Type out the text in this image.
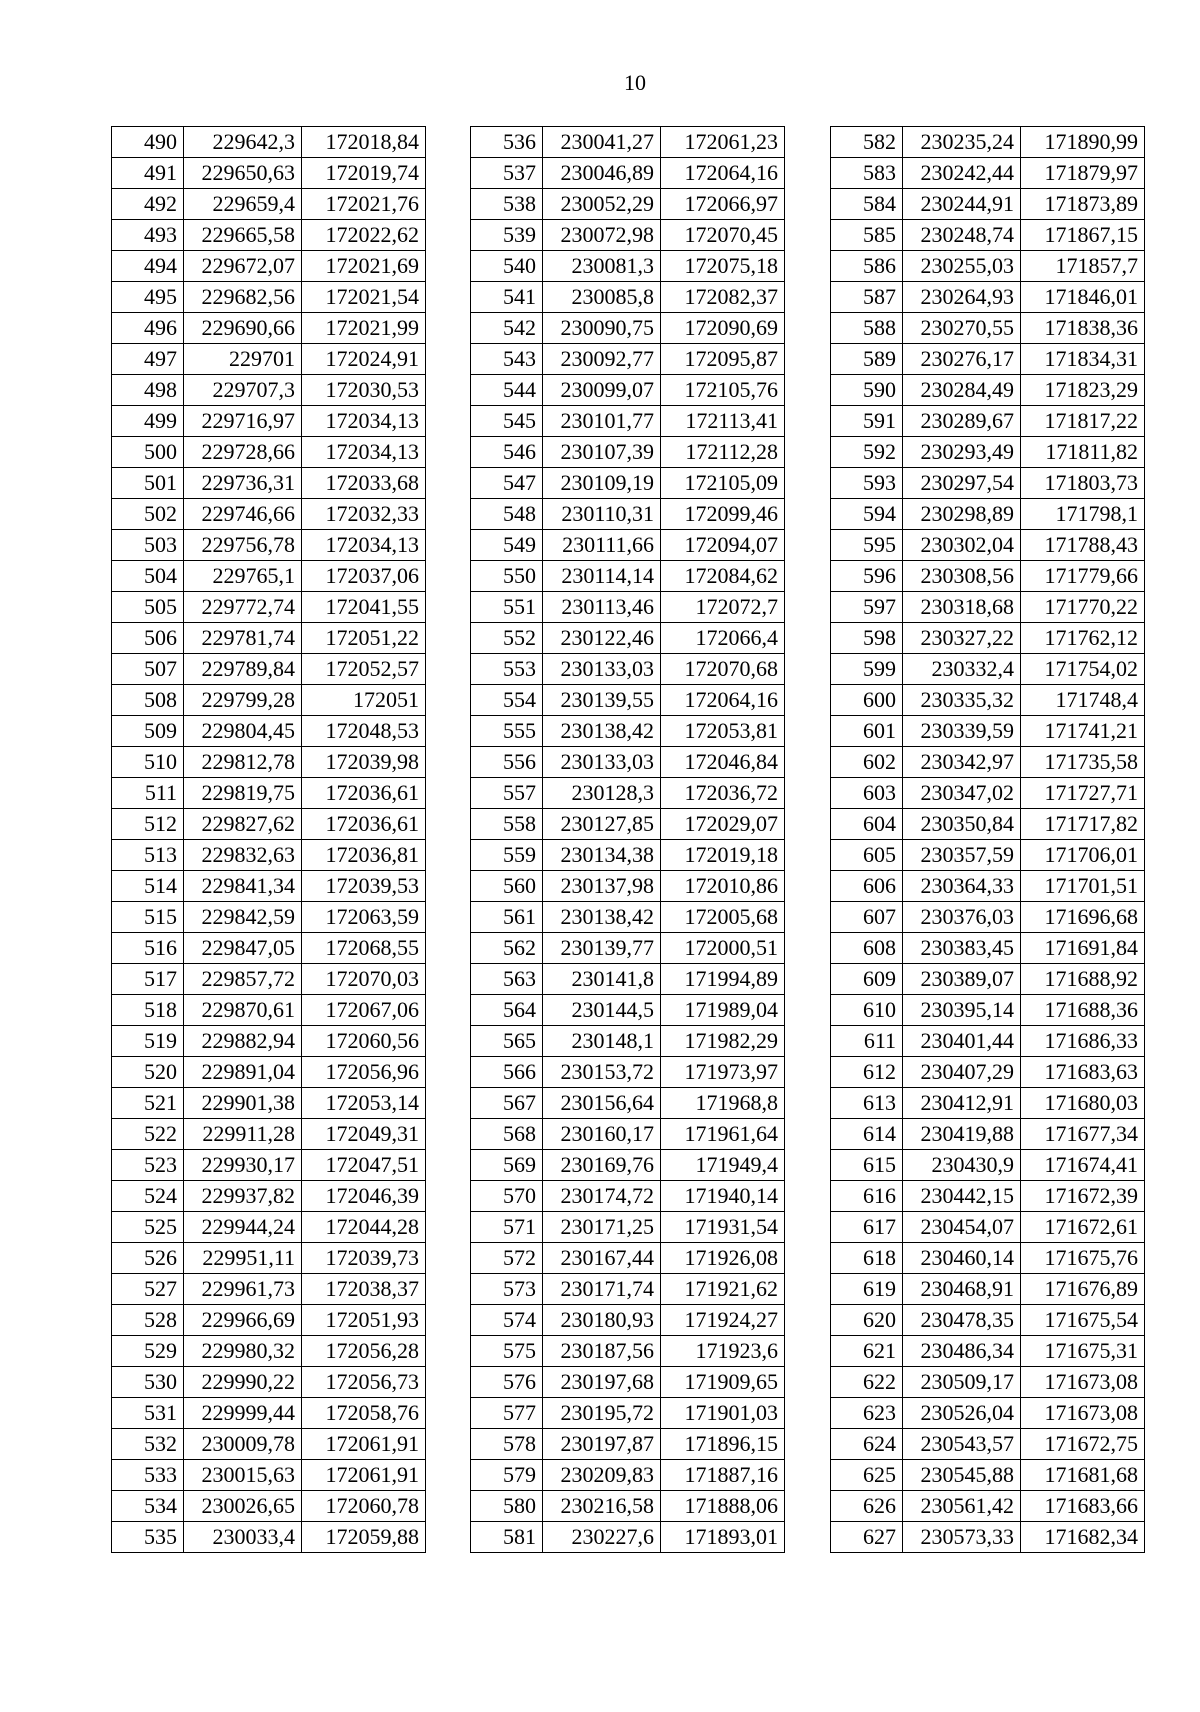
10
490	229642,3	172018,84
491	229650,63	172019,74
492	229659,4	172021,76
493	229665,58	172022,62
494	229672,07	172021,69
495	229682,56	172021,54
496	229690,66	172021,99
497	229701	172024,91
498	229707,3	172030,53
499	229716,97	172034,13
500	229728,66	172034,13
501	229736,31	172033,68
502	229746,66	172032,33
503	229756,78	172034,13
504	229765,1	172037,06
505	229772,74	172041,55
506	229781,74	172051,22
507	229789,84	172052,57
508	229799,28	172051
509	229804,45	172048,53
510	229812,78	172039,98
511	229819,75	172036,61
512	229827,62	172036,61
513	229832,63	172036,81
514	229841,34	172039,53
515	229842,59	172063,59
516	229847,05	172068,55
517	229857,72	172070,03
518	229870,61	172067,06
519	229882,94	172060,56
520	229891,04	172056,96
521	229901,38	172053,14
522	229911,28	172049,31
523	229930,17	172047,51
524	229937,82	172046,39
525	229944,24	172044,28
526	229951,11	172039,73
527	229961,73	172038,37
528	229966,69	172051,93
529	229980,32	172056,28
530	229990,22	172056,73
531	229999,44	172058,76
532	230009,78	172061,91
533	230015,63	172061,91
534	230026,65	172060,78
535	230033,4	172059,88
536	230041,27	172061,23
537	230046,89	172064,16
538	230052,29	172066,97
539	230072,98	172070,45
540	230081,3	172075,18
541	230085,8	172082,37
542	230090,75	172090,69
543	230092,77	172095,87
544	230099,07	172105,76
545	230101,77	172113,41
546	230107,39	172112,28
547	230109,19	172105,09
548	230110,31	172099,46
549	230111,66	172094,07
550	230114,14	172084,62
551	230113,46	172072,7
552	230122,46	172066,4
553	230133,03	172070,68
554	230139,55	172064,16
555	230138,42	172053,81
556	230133,03	172046,84
557	230128,3	172036,72
558	230127,85	172029,07
559	230134,38	172019,18
560	230137,98	172010,86
561	230138,42	172005,68
562	230139,77	172000,51
563	230141,8	171994,89
564	230144,5	171989,04
565	230148,1	171982,29
566	230153,72	171973,97
567	230156,64	171968,8
568	230160,17	171961,64
569	230169,76	171949,4
570	230174,72	171940,14
571	230171,25	171931,54
572	230167,44	171926,08
573	230171,74	171921,62
574	230180,93	171924,27
575	230187,56	171923,6
576	230197,68	171909,65
577	230195,72	171901,03
578	230197,87	171896,15
579	230209,83	171887,16
580	230216,58	171888,06
581	230227,6	171893,01
582	230235,24	171890,99
583	230242,44	171879,97
584	230244,91	171873,89
585	230248,74	171867,15
586	230255,03	171857,7
587	230264,93	171846,01
588	230270,55	171838,36
589	230276,17	171834,31
590	230284,49	171823,29
591	230289,67	171817,22
592	230293,49	171811,82
593	230297,54	171803,73
594	230298,89	171798,1
595	230302,04	171788,43
596	230308,56	171779,66
597	230318,68	171770,22
598	230327,22	171762,12
599	230332,4	171754,02
600	230335,32	171748,4
601	230339,59	171741,21
602	230342,97	171735,58
603	230347,02	171727,71
604	230350,84	171717,82
605	230357,59	171706,01
606	230364,33	171701,51
607	230376,03	171696,68
608	230383,45	171691,84
609	230389,07	171688,92
610	230395,14	171688,36
611	230401,44	171686,33
612	230407,29	171683,63
613	230412,91	171680,03
614	230419,88	171677,34
615	230430,9	171674,41
616	230442,15	171672,39
617	230454,07	171672,61
618	230460,14	171675,76
619	230468,91	171676,89
620	230478,35	171675,54
621	230486,34	171675,31
622	230509,17	171673,08
623	230526,04	171673,08
624	230543,57	171672,75
625	230545,88	171681,68
626	230561,42	171683,66
627	230573,33	171682,34
